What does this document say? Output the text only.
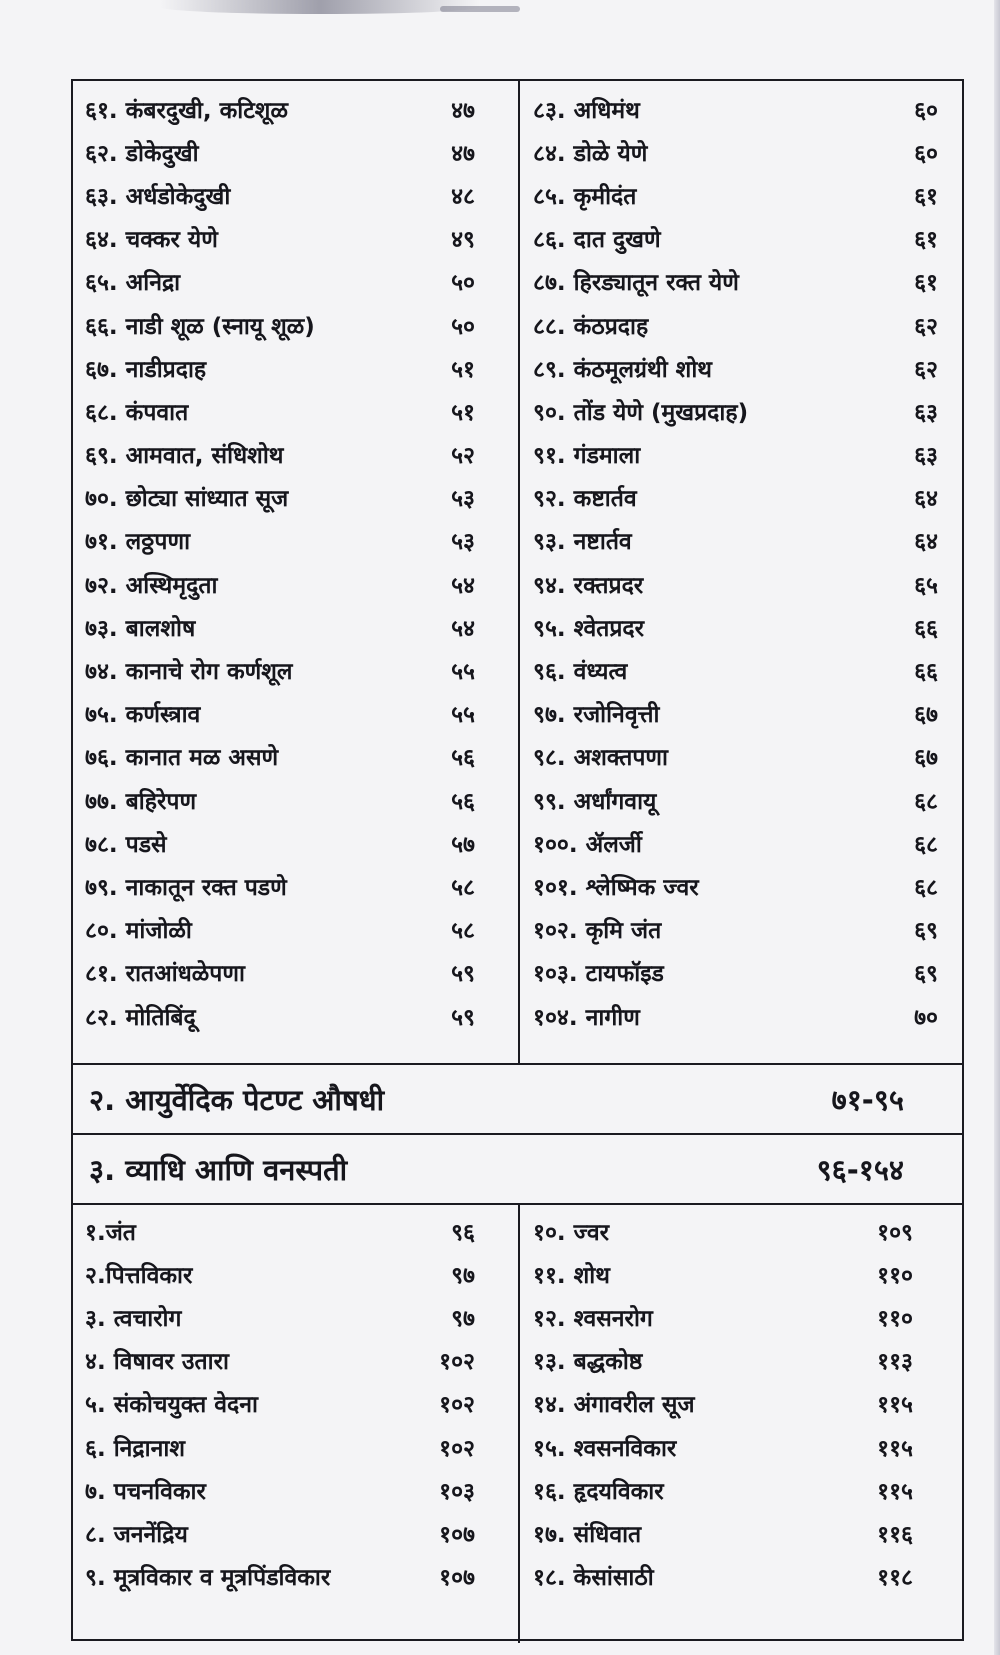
६१. कंबरदुखी, कटिशूळ	४७
६२. डोकेदुखी	४७
६३. अर्धडोकेदुखी	४८
६४. चक्कर येणे	४९
६५. अनिद्रा	५०
६६. नाडी शूळ (स्नायू शूळ)	५०
६७. नाडीप्रदाह	५१
६८. कंपवात	५१
६९. आमवात, संधिशोथ	५२
७०. छोट्या सांध्यात सूज	५३
७१. लठ्ठपणा	५३
७२. अस्थिमृदुता	५४
७३. बालशोष	५४
७४. कानाचे रोग कर्णशूल	५५
७५. कर्णस्त्राव	५५
७६. कानात मळ असणे	५६
७७. बहिरेपण	५६
७८. पडसे	५७
७९. नाकातून रक्त पडणे	५८
८०. मांजोळी	५८
८१. रातआंधळेपणा	५९
८२. मोतिबिंदू	५९
८३. अधिमंथ	६०
८४. डोळे येणे	६०
८५. कृमीदंत	६१
८६. दात दुखणे	६१
८७. हिरड्यातून रक्त येणे	६१
८८. कंठप्रदाह	६२
८९. कंठमूलग्रंथी शोथ	६२
९०. तोंड येणे (मुखप्रदाह)	६३
९१. गंडमाला	६३
९२. कष्टार्तव	६४
९३. नष्टार्तव	६४
९४. रक्तप्रदर	६५
९५. श्वेतप्रदर	६६
९६. वंध्यत्व	६६
९७. रजोनिवृत्ती	६७
९८. अशक्तपणा	६७
९९. अर्धांगवायू	६८
१००. ॲलर्जी	६८
१०१. श्लेष्मिक ज्वर	६८
१०२. कृमि जंत	६९
१०३. टायफॉइड	६९
१०४. नागीण	७०
२. आयुर्वेदिक पेटण्ट औषधी	७१-९५
३. व्याधि आणि वनस्पती	९६-१५४
१.जंत	९६
२.पित्तविकार	९७
३. त्वचारोग	९७
४. विषावर उतारा	१०२
५. संकोचयुक्त वेदना	१०२
६. निद्रानाश	१०२
७. पचनविकार	१०३
८. जननेंद्रिय	१०७
९. मूत्रविकार व मूत्रपिंडविकार	१०७
१०. ज्वर	१०९
११. शोथ	११०
१२. श्वसनरोग	११०
१३. बद्धकोष्ठ	११३
१४. अंगावरील सूज	११५
१५. श्वसनविकार	११५
१६. हृदयविकार	११५
१७. संधिवात	११६
१८. केसांसाठी	११८
